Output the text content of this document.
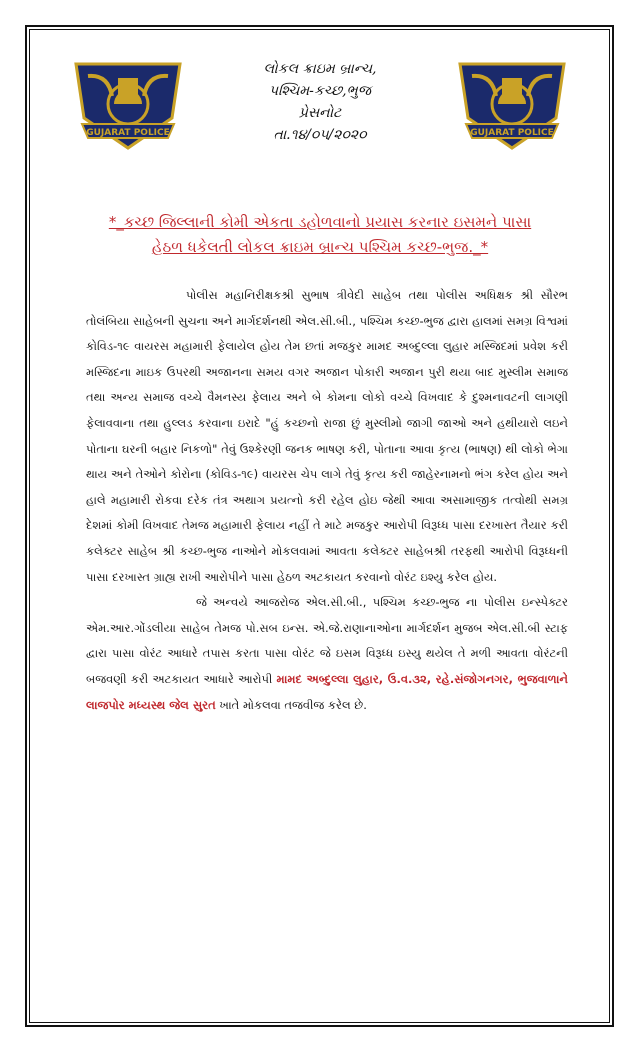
GUJARAT POLICE	GUJARAT POLICE
લોકલ ક્રાઇમ બ્રાન્ચ,
પશ્ચિમ-કચ્છ,ભુજ
પ્રેસનોટ
તા.૧૪/૦૫/૨૦૨૦
*_કચ્છ જિલ્લાની કોમી એકતા ડહોળવાનો પ્રયાસ કરનાર ઇસમને પાસા
હેઠળ ધકેલતી લોકલ ક્રાઇમ બ્રાન્ચ પશ્ચિમ કચ્છ-ભુજ._*

પોલીસ મહાનિરીક્ષકશ્રી સુભાષ ત્રીવેદી સાહેબ તથા પોલીસ અધિક્ષક શ્રી સૌરભ તોલંબિયા સાહેબની સુચના અને માર્ગદર્શનથી એલ.સી.બી., પશ્ચિમ કચ્છ-ભુજ દ્વારા હાલમાં સમગ્ર વિશ્વમાં કોવિડ-૧૯ વાયરસ મહામારી ફેલાયેલ હોય તેમ છતાં મજકુર મામદ અબ્દુલ્લા લુહાર મસ્જિદમાં પ્રવેશ કરી મસ્જિદના માઇક ઉપરથી અજાનના સમય વગર અજાન પોકારી અજાન પુરી થયા બાદ મુસ્લીમ સમાજ તથા અન્ય સમાજ વચ્ચે વૈમનસ્ય ફેલાય અને બે કોમના લોકો વચ્ચે વિખવાદ કે દુશ્મનાવટની લાગણી ફેલાવવાના તથા હુલ્લડ કરવાના ઇરાદે "હું કચ્છનો રાજા છું મુસ્લીમો જાગી જાઓ અને હથીયારો લઇને પોતાના ઘરની બહાર નિકળો" તેવું ઉશ્કેરણી જનક ભાષણ કરી, પોતાના આવા કૃત્ય (ભાષણ) થી લોકો ભેગા થાય અને તેઓને કોરોના (કોવિડ-૧૯) વાયરસ ચેપ લાગે તેવું કૃત્ય કરી જાહેરનામનો ભંગ કરેલ હોય અને હાલે મહામારી રોકવા દરેક તંત્ર અથાગ પ્રયત્નો કરી રહેલ હોઇ જેથી આવા અસામાજીક તત્વોથી સમગ્ર દેશમાં કોમી વિખવાદ તેમજ મહામારી ફેલાય નહીં તે માટે મજકુર આરોપી વિરૂધ્ધ પાસા દરખાસ્ત તૈયાર કરી કલેક્ટર સાહેબ શ્રી કચ્છ-ભુજ નાઓને મોકલવામાં આવતા કલેક્ટર સાહેબશ્રી તરફથી આરોપી વિરૂધ્ધની પાસા દરખાસ્ત ગ્રાહ્ય રાખી આરોપીને પાસા હેઠળ અટકાયત કરવાનો વોરંટ ઇશ્યુ કરેલ હોય.

જે અન્વયે આજરોજ એલ.સી.બી., પશ્ચિમ કચ્છ-ભુજ ના પોલીસ ઇન્સ્પેક્ટર એમ.આર.ગોંડલીયા સાહેબ તેમજ પો.સબ ઇન્સ. એ.જે.રાણાનાઓના માર્ગદર્શન મુજબ એલ.સી.બી સ્ટાફ દ્વારા પાસા વોરંટ આધારે તપાસ કરતા પાસા વોરંટ જે ઇસમ વિરૂધ્ધ ઇસ્યુ થયેલ તે મળી આવતા વોરંટની બજવણી કરી અટકાયત આધારે આરોપી મામદ અબ્દુલ્લા લુહાર, ઉ.વ.૩૨, રહે.સંજોગનગર, ભુજવાળાને લાજપોર મધ્યસ્થ જેલ સુરત ખાતે મોકલવા તજવીજ કરેલ છે.
